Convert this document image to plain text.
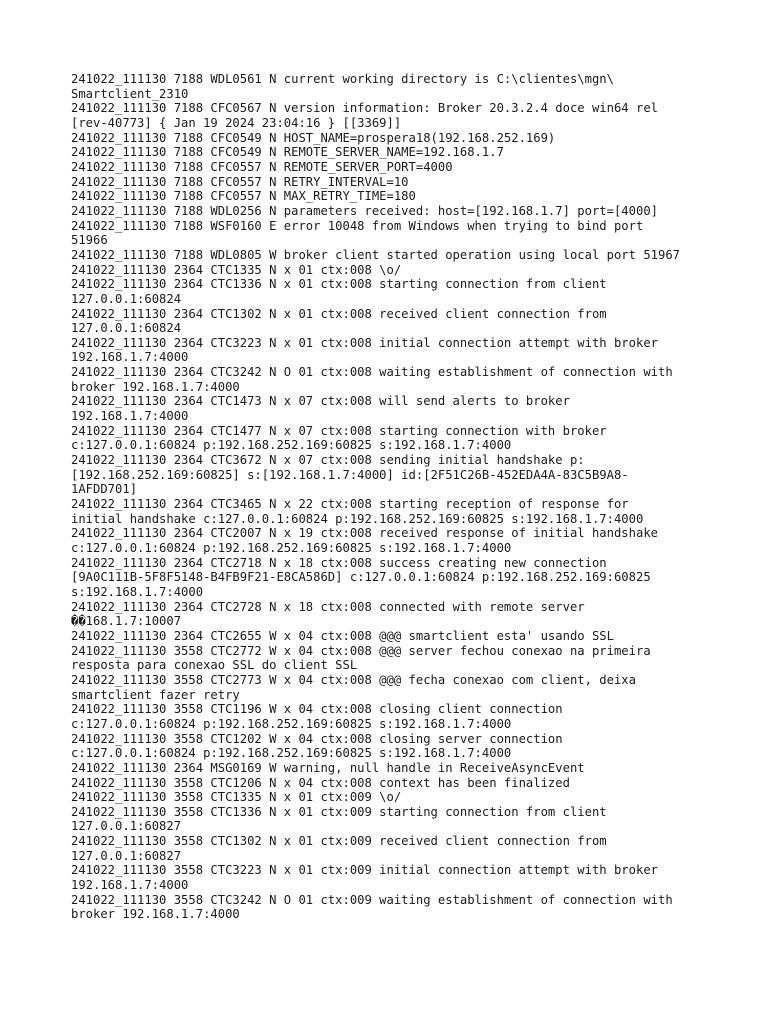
241022_111130 7188 WDL0561 N current working directory is C:\clientes\mgn\
Smartclient_2310

241022_111130 7188 CFC0567 N version information: Broker 20.3.2.4 doce win64 rel
[rev-40773] { Jan 19 2024 23:04:16 } [[3369]]

241022_111130 7188 CFC0549 N HOST_NAME=prospera18(192.168.252.169)

241022_111130 7188 CFC0549 N REMOTE_SERVER_NAME=192.168.1.7

241022_111130 7188 CFC0557 N REMOTE_SERVER_PORT=4000

241022_111130 7188 CFC0557 N RETRY_INTERVAL=10

241022_111130 7188 CFC0557 N MAX_RETRY_TIME=180

241022_111130 7188 WDL0256 N parameters received: host=[192.168.1.7] port=[4000]

241022_111130 7188 WSF0160 E error 10048 from Windows when trying to bind port
51966

241022_111130 7188 WDL0805 W broker client started operation using local port 51967

241022_111130 2364 CTC1335 N x 01 ctx:008 \o/

241022_111130 2364 CTC1336 N x 01 ctx:008 starting connection from client
127.0.0.1:60824

241022_111130 2364 CTC1302 N x 01 ctx:008 received client connection from
127.0.0.1:60824

241022_111130 2364 CTC3223 N x 01 ctx:008 initial connection attempt with broker
192.168.1.7:4000

241022_111130 2364 CTC3242 N O 01 ctx:008 waiting establishment of connection with
broker 192.168.1.7:4000

241022_111130 2364 CTC1473 N x 07 ctx:008 will send alerts to broker
192.168.1.7:4000

241022_111130 2364 CTC1477 N x 07 ctx:008 starting connection with broker
c:127.0.0.1:60824 p:192.168.252.169:60825 s:192.168.1.7:4000

241022_111130 2364 CTC3672 N x 07 ctx:008 sending initial handshake p:
[192.168.252.169:60825] s:[192.168.1.7:4000] id:[2F51C26B-452EDA4A-83C5B9A8-
1AFDD701]

241022_111130 2364 CTC3465 N x 22 ctx:008 starting reception of response for
initial handshake c:127.0.0.1:60824 p:192.168.252.169:60825 s:192.168.1.7:4000

241022_111130 2364 CTC2007 N x 19 ctx:008 received response of initial handshake
c:127.0.0.1:60824 p:192.168.252.169:60825 s:192.168.1.7:4000

241022_111130 2364 CTC2718 N x 18 ctx:008 success creating new connection
[9A0C111B-5F8F5148-B4FB9F21-E8CA586D] c:127.0.0.1:60824 p:192.168.252.169:60825
s:192.168.1.7:4000

241022_111130 2364 CTC2728 N x 18 ctx:008 connected with remote server
��168.1.7:10007

241022_111130 2364 CTC2655 W x 04 ctx:008 @@@ smartclient esta' usando SSL

241022_111130 3558 CTC2772 W x 04 ctx:008 @@@ server fechou conexao na primeira
resposta para conexao SSL do client SSL

241022_111130 3558 CTC2773 W x 04 ctx:008 @@@ fecha conexao com client, deixa
smartclient fazer retry

241022_111130 3558 CTC1196 W x 04 ctx:008 closing client connection
c:127.0.0.1:60824 p:192.168.252.169:60825 s:192.168.1.7:4000

241022_111130 3558 CTC1202 W x 04 ctx:008 closing server connection
c:127.0.0.1:60824 p:192.168.252.169:60825 s:192.168.1.7:4000

241022_111130 2364 MSG0169 W warning, null handle in ReceiveAsyncEvent

241022_111130 3558 CTC1206 N x 04 ctx:008 context has been finalized

241022_111130 3558 CTC1335 N x 01 ctx:009 \o/

241022_111130 3558 CTC1336 N x 01 ctx:009 starting connection from client
127.0.0.1:60827

241022_111130 3558 CTC1302 N x 01 ctx:009 received client connection from
127.0.0.1:60827

241022_111130 3558 CTC3223 N x 01 ctx:009 initial connection attempt with broker
192.168.1.7:4000

241022_111130 3558 CTC3242 N O 01 ctx:009 waiting establishment of connection with
broker 192.168.1.7:4000
